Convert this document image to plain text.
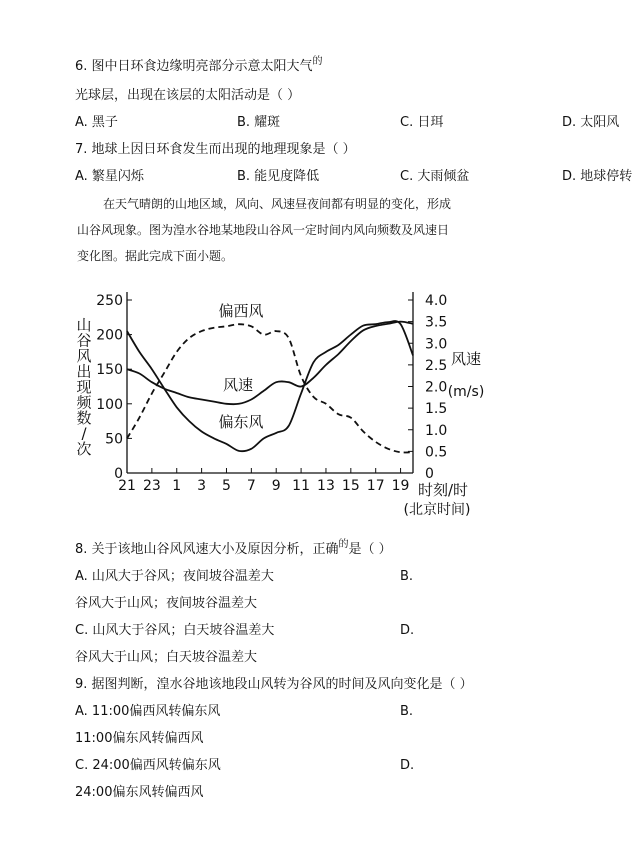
6. 图中日环食边缘明亮部分示意太阳大气$^的$
光球层，出现在该层的太阳活动是（ ）
A. 黑子	B. 耀斑	C. 日珥	D. 太阳风
7. 地球上因日环食发生而出现的地理现象是（ ）
A. 繁星闪烁	B. 能见度降低	C. 大雨倾盆	D. 地球停转
在天气晴朗的山地区域，风向、风速昼夜间都有明显的变化，形成
山谷风现象。图为湟水谷地某地段山谷风一定时间内风向频数及风速日
变化图。据此完成下面小题。
0
50
100
150
200
250
0
0.5
1.0
1.5
2.0
2.5
3.0
3.5
4.0
21 23 1 3 5 7 9 11 13 15 17 19
山
谷
风
出
现
频
数
/
次
风速
(m/s)
时刻/时
(北京时间)
偏西风
偏东风
风速
8. 关于该地山谷风风速大小及原因分析，正确$^的$是（ ）
A. 山风大于谷风；夜间坡谷温差大	B.
谷风大于山风；夜间坡谷温差大
C. 山风大于谷风；白天坡谷温差大	D.
谷风大于山风；白天坡谷温差大
9. 据图判断，湟水谷地该地段山风转为谷风的时间及风向变化是（ ）
A. 11:00偏西风转偏东风	B.
11:00偏东风转偏西风
C. 24:00偏西风转偏东风	D.
24:00偏东风转偏西风
